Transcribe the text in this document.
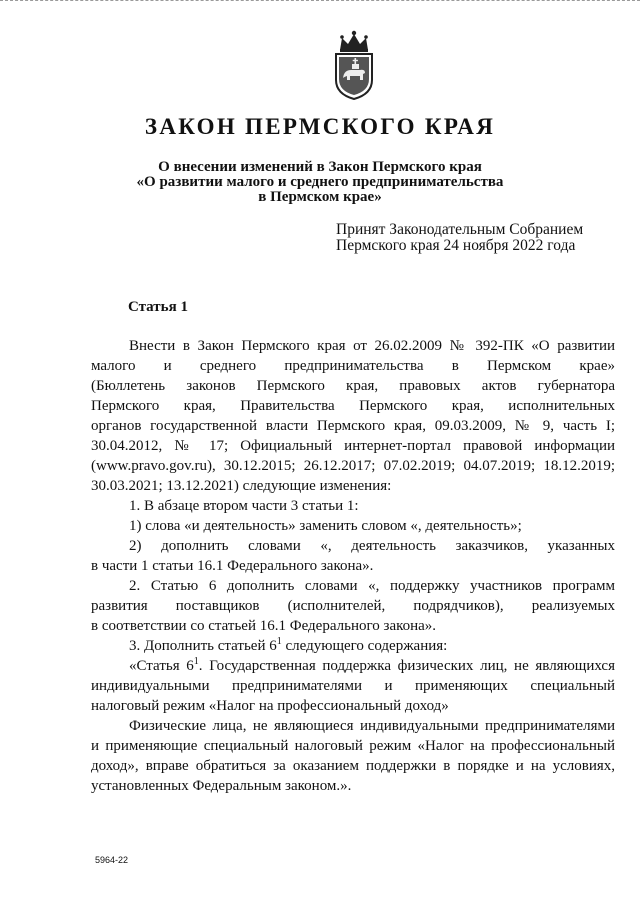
ЗАКОН ПЕРМСКОГО КРАЯ
О внесении изменений в Закон Пермского края
«О развитии малого и среднего предпринимательства
в Пермском крае»
Принят Законодательным Собранием
Пермского края 24 ноября 2022 года
Статья 1

Внести в Закон Пермского края от 26.02.2009 № 392-ПК «О развитии
малого и среднего предпринимательства в Пермском крае»
(Бюллетень законов Пермского края, правовых актов губернатора
Пермского края, Правительства Пермского края, исполнительных
органов государственной власти Пермского края, 09.03.2009, № 9, часть I;
30.04.2012, № 17; Официальный интернет-портал правовой информации
(www.pravo.gov.ru), 30.12.2015; 26.12.2017; 07.02.2019; 04.07.2019; 18.12.2019;
30.03.2021; 13.12.2021) следующие изменения:

1. В абзаце втором части 3 статьи 1:

1) слова «и деятельность» заменить словом «, деятельность»;

2) дополнить словами «, деятельность заказчиков, указанных
в части 1 статьи 16.1 Федерального закона».

2. Статью 6 дополнить словами «, поддержку участников программ
развития поставщиков (исполнителей, подрядчиков), реализуемых
в соответствии со статьей 16.1 Федерального закона».

3. Дополнить статьей $6^1$ следующего содержания:

«Статья $6^1$. Государственная поддержка физических лиц, не являющихся
индивидуальными предпринимателями и применяющих специальный
налоговый режим «Налог на профессиональный доход»

Физические лица, не являющиеся индивидуальными предпринимателями
и применяющие специальный налоговый режим «Налог на профессиональный
доход», вправе обратиться за оказанием поддержки в порядке и на условиях,
установленных Федеральным законом.».

5964-22
